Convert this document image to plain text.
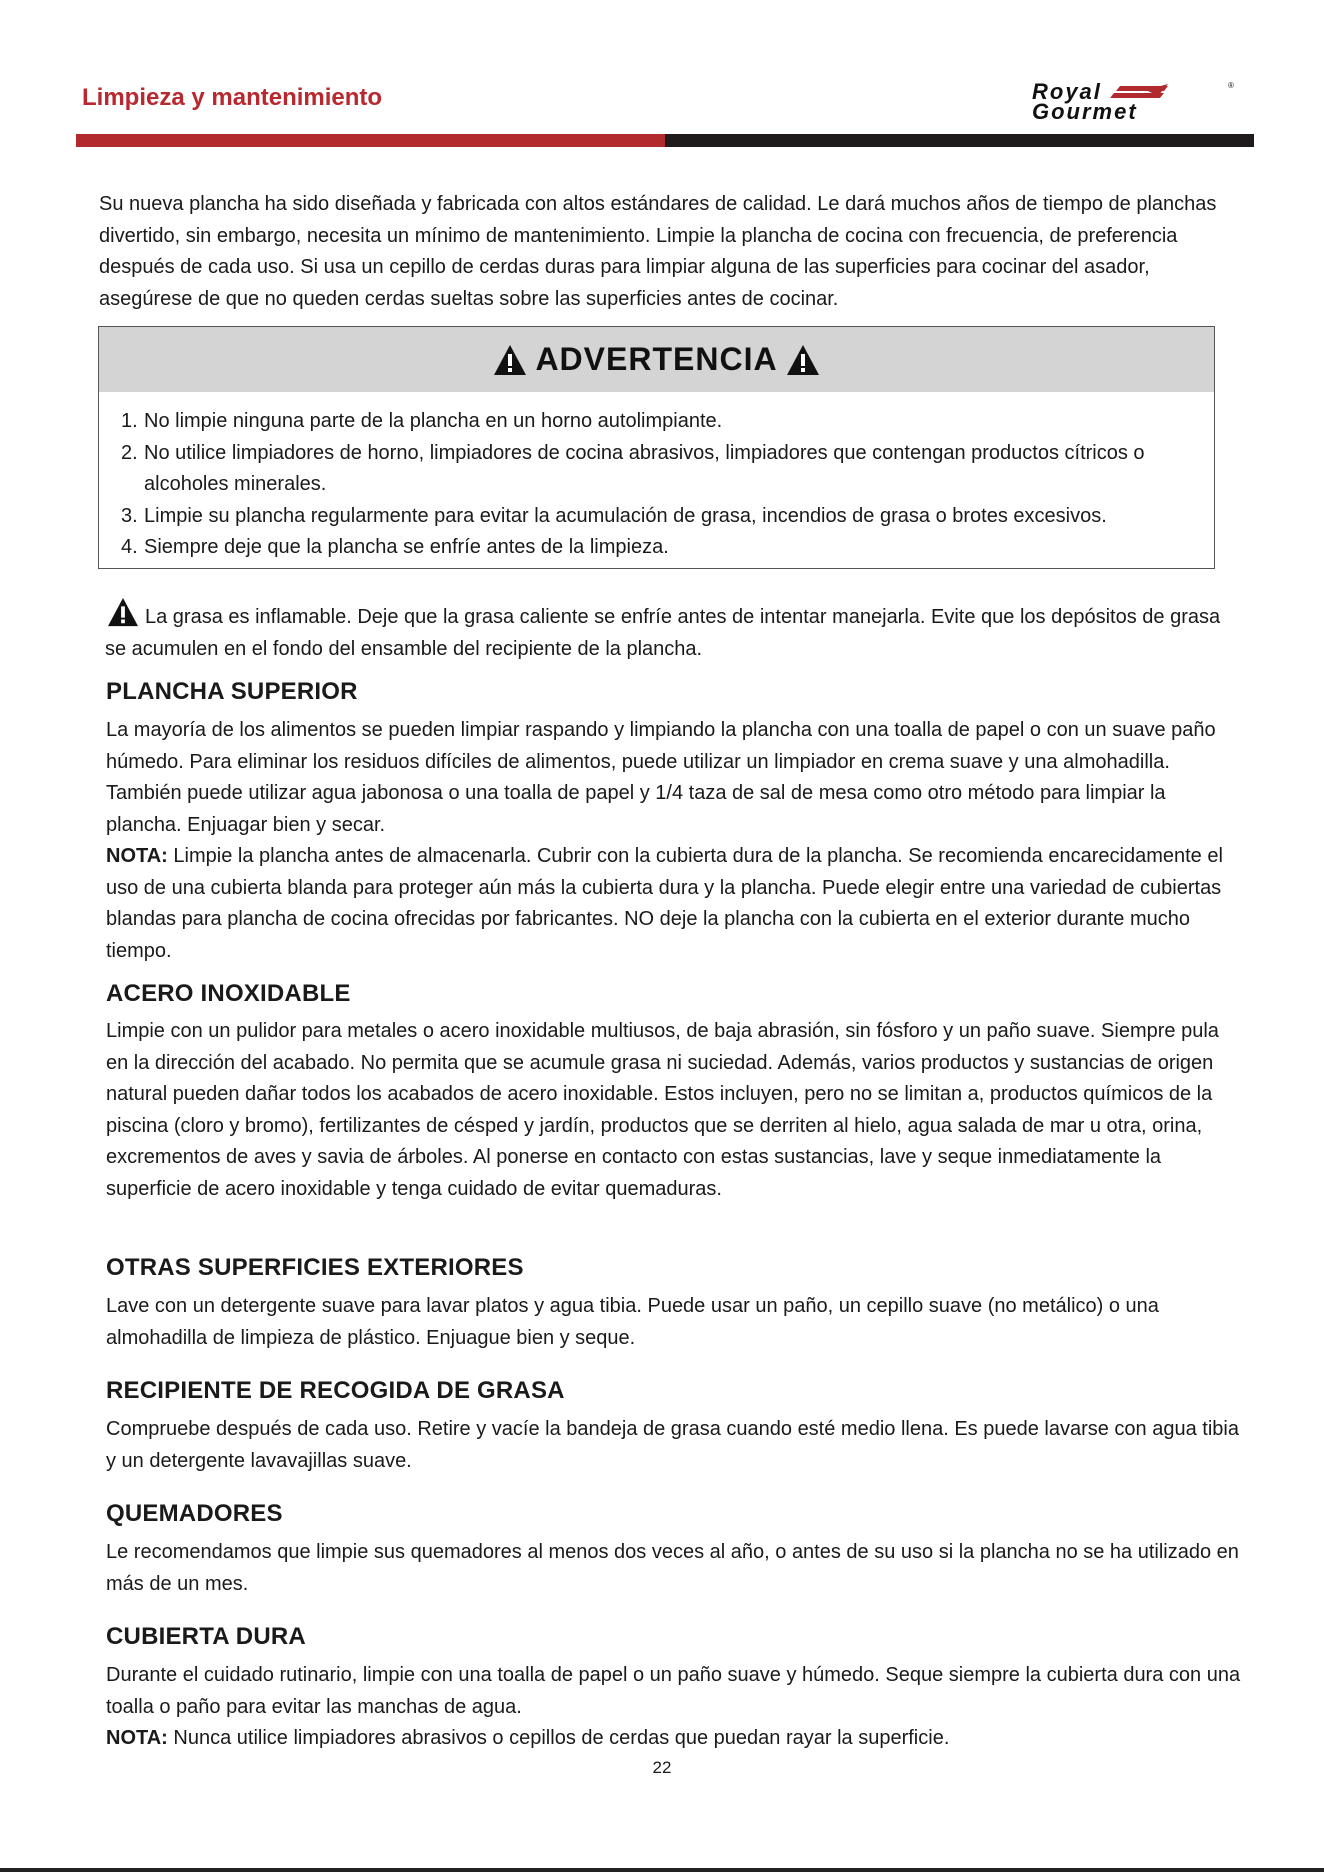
Limpieza y mantenimiento	Royal	®
Gourmet

Su nueva plancha ha sido diseñada y fabricada con altos estándares de calidad. Le dará muchos años de tiempo de planchas divertido, sin embargo, necesita un mínimo de mantenimiento. Limpie la plancha de cocina con frecuencia, de preferencia después de cada uso. Si usa un cepillo de cerdas duras para limpiar alguna de las superficies para cocinar del asador, asegúrese de que no queden cerdas sueltas sobre las superficies antes de cocinar.

ADVERTENCIA
1. No limpie ninguna parte de la plancha en un horno autolimpiante.
2. No utilice limpiadores de horno, limpiadores de cocina abrasivos, limpiadores que contengan productos cítricos o alcoholes minerales.
3. Limpie su plancha regularmente para evitar la acumulación de grasa, incendios de grasa o brotes excesivos.
4. Siempre deje que la plancha se enfríe antes de la limpieza.

La grasa es inflamable. Deje que la grasa caliente se enfríe antes de intentar manejarla. Evite que los depósitos de grasa se acumulen en el fondo del ensamble del recipiente de la plancha.

PLANCHA SUPERIOR

La mayoría de los alimentos se pueden limpiar raspando y limpiando la plancha con una toalla de papel o con un suave paño húmedo. Para eliminar los residuos difíciles de alimentos, puede utilizar un limpiador en crema suave y una almohadilla. También puede utilizar agua jabonosa o una toalla de papel y 1/4 taza de sal de mesa como otro método para limpiar la plancha. Enjuagar bien y secar.
NOTA: Limpie la plancha antes de almacenarla. Cubrir con la cubierta dura de la plancha. Se recomienda encarecidamente el uso de una cubierta blanda para proteger aún más la cubierta dura y la plancha. Puede elegir entre una variedad de cubiertas blandas para plancha de cocina ofrecidas por fabricantes. NO deje la plancha con la cubierta en el exterior durante mucho tiempo.

ACERO INOXIDABLE

Limpie con un pulidor para metales o acero inoxidable multiusos, de baja abrasión, sin fósforo y un paño suave. Siempre pula en la dirección del acabado. No permita que se acumule grasa ni suciedad. Además, varios productos y sustancias de origen natural pueden dañar todos los acabados de acero inoxidable. Estos incluyen, pero no se limitan a, productos químicos de la piscina (cloro y bromo), fertilizantes de césped y jardín, productos que se derriten al hielo, agua salada de mar u otra, orina, excrementos de aves y savia de árboles. Al ponerse en contacto con estas sustancias, lave y seque inmediatamente la superficie de acero inoxidable y tenga cuidado de evitar quemaduras.

OTRAS SUPERFICIES EXTERIORES

Lave con un detergente suave para lavar platos y agua tibia. Puede usar un paño, un cepillo suave (no metálico) o una almohadilla de limpieza de plástico. Enjuague bien y seque.

RECIPIENTE DE RECOGIDA DE GRASA

Compruebe después de cada uso. Retire y vacíe la bandeja de grasa cuando esté medio llena. Es puede lavarse con agua tibia y un detergente lavavajillas suave.

QUEMADORES

Le recomendamos que limpie sus quemadores al menos dos veces al año, o antes de su uso si la plancha no se ha utilizado en más de un mes.

CUBIERTA DURA

Durante el cuidado rutinario, limpie con una toalla de papel o un paño suave y húmedo. Seque siempre la cubierta dura con una toalla o paño para evitar las manchas de agua.
NOTA: Nunca utilice limpiadores abrasivos o cepillos de cerdas que puedan rayar la superficie.

22
